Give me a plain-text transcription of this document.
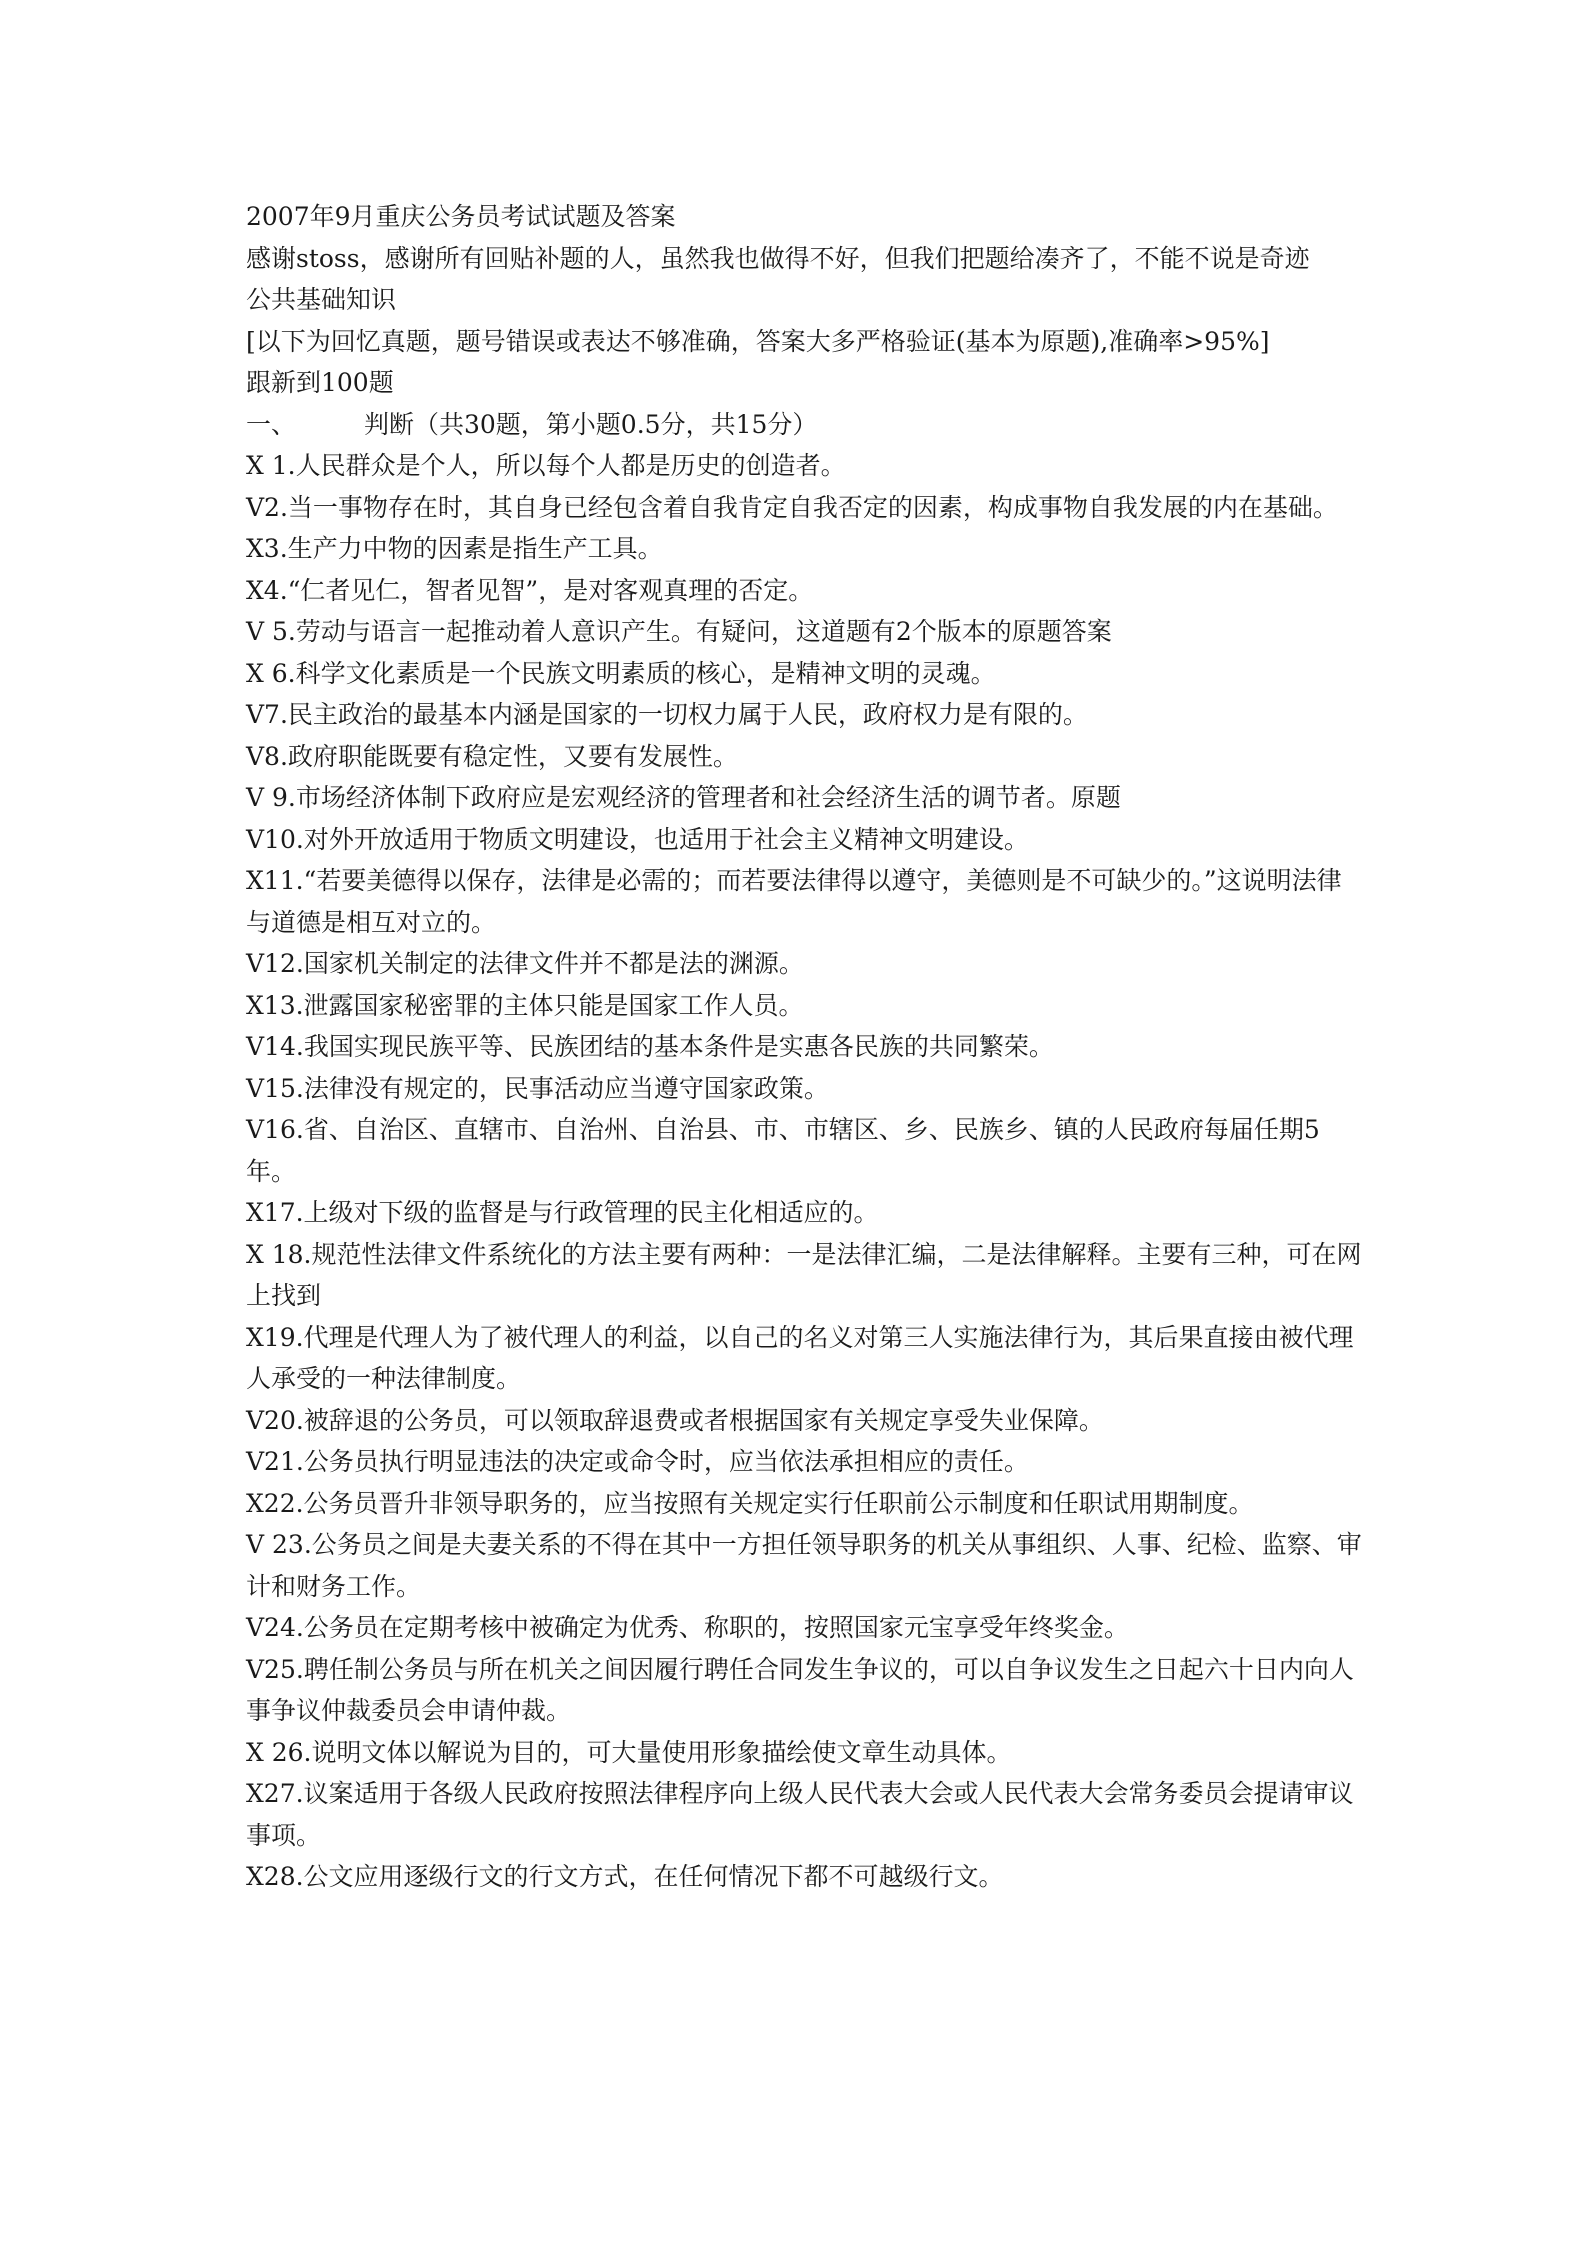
2007年9月重庆公务员考试试题及答案

感谢stoss，感谢所有回贴补题的人，虽然我也做得不好，但我们把题给凑齐了，不能不说是奇迹

公共基础知识

[以下为回忆真题，题号错误或表达不够准确，答案大多严格验证(基本为原题),准确率>95%]

跟新到100题

一、	判断（共30题，第小题0.5分，共15分）

X 1.人民群众是个人，所以每个人都是历史的创造者。

V2.当一事物存在时，其自身已经包含着自我肯定自我否定的因素，构成事物自我发展的内在基础。

X3.生产力中物的因素是指生产工具。

X4.“仁者见仁，智者见智”，是对客观真理的否定。

V 5.劳动与语言一起推动着人意识产生。有疑问，这道题有2个版本的原题答案

X 6.科学文化素质是一个民族文明素质的核心，是精神文明的灵魂。

V7.民主政治的最基本内涵是国家的一切权力属于人民，政府权力是有限的。

V8.政府职能既要有稳定性，又要有发展性。

V 9.市场经济体制下政府应是宏观经济的管理者和社会经济生活的调节者。原题

V10.对外开放适用于物质文明建设，也适用于社会主义精神文明建设。

X11.“若要美德得以保存，法律是必需的；而若要法律得以遵守，美德则是不可缺少的。”这说明法律与道德是相互对立的。

V12.国家机关制定的法律文件并不都是法的渊源。

X13.泄露国家秘密罪的主体只能是国家工作人员。

V14.我国实现民族平等、民族团结的基本条件是实惠各民族的共同繁荣。

V15.法律没有规定的，民事活动应当遵守国家政策。

V16.省、自治区、直辖市、自治州、自治县、市、市辖区、乡、民族乡、镇的人民政府每届任期5年。

X17.上级对下级的监督是与行政管理的民主化相适应的。

X 18.规范性法律文件系统化的方法主要有两种：一是法律汇编，二是法律解释。主要有三种，可在网上找到

X19.代理是代理人为了被代理人的利益，以自己的名义对第三人实施法律行为，其后果直接由被代理人承受的一种法律制度。

V20.被辞退的公务员，可以领取辞退费或者根据国家有关规定享受失业保障。

V21.公务员执行明显违法的决定或命令时，应当依法承担相应的责任。

X22.公务员晋升非领导职务的，应当按照有关规定实行任职前公示制度和任职试用期制度。

V 23.公务员之间是夫妻关系的不得在其中一方担任领导职务的机关从事组织、人事、纪检、监察、审计和财务工作。

V24.公务员在定期考核中被确定为优秀、称职的，按照国家元宝享受年终奖金。

V25.聘任制公务员与所在机关之间因履行聘任合同发生争议的，可以自争议发生之日起六十日内向人事争议仲裁委员会申请仲裁。

X 26.说明文体以解说为目的，可大量使用形象描绘使文章生动具体。

X27.议案适用于各级人民政府按照法律程序向上级人民代表大会或人民代表大会常务委员会提请审议事项。

X28.公文应用逐级行文的行文方式，在任何情况下都不可越级行文。
